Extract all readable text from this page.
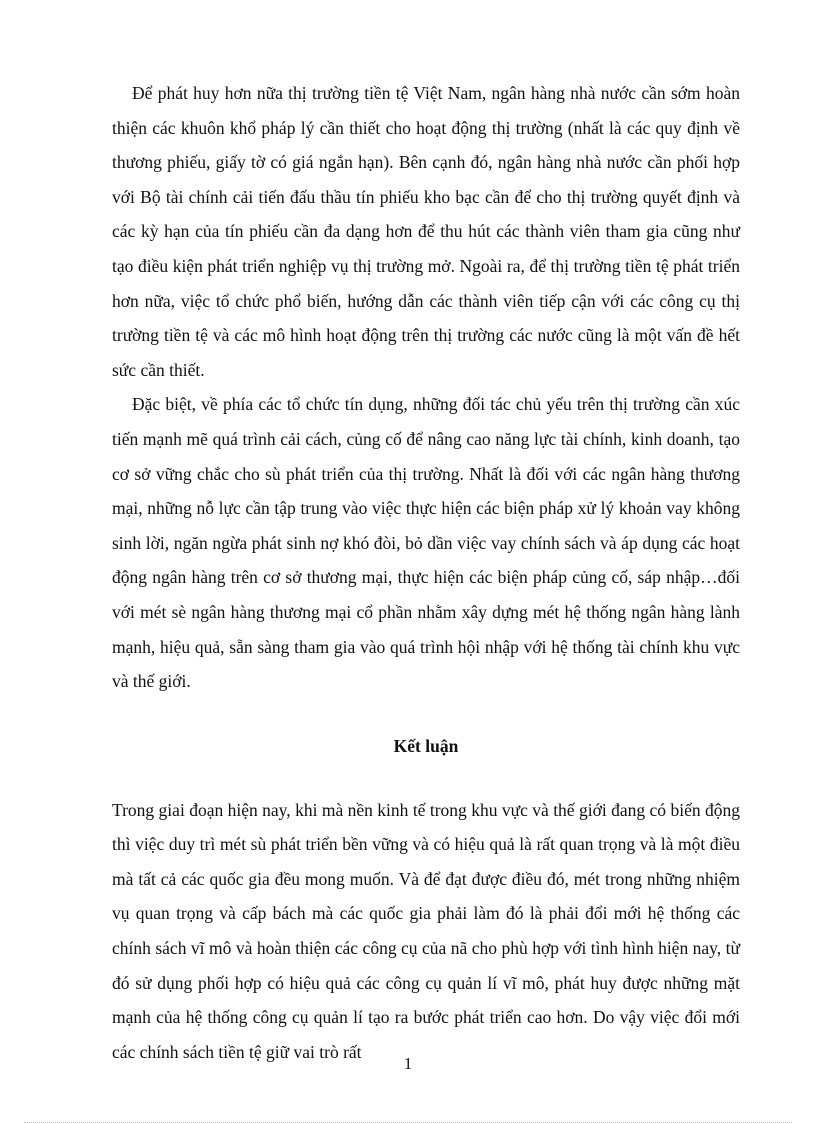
Để phát huy hơn nữa thị trường tiền tệ Việt Nam, ngân hàng nhà nước cần sớm hoàn thiện các khuôn khổ pháp lý cần thiết cho hoạt động thị trường (nhất là các quy định về thương phiếu, giấy tờ có giá ngắn hạn). Bên cạnh đó, ngân hàng nhà nước cần phối hợp với Bộ tài chính cải tiến đấu thầu tín phiếu kho bạc cần để cho thị trường quyết định và các kỳ hạn của tín phiếu cần đa dạng hơn để thu hút các thành viên tham gia cũng như tạo điều kiện phát triển nghiệp vụ thị trường mở. Ngoài ra, để thị trường tiền tệ phát triển hơn nữa, việc tổ chức phổ biến, hướng dẫn các thành viên tiếp cận với các công cụ thị trường tiền tệ và các mô hình hoạt động trên thị trường các nước cũng là một vấn đề hết sức cần thiết.

Đặc biệt, về phía các tổ chức tín dụng, những đối tác chủ yếu trên thị trường cần xúc tiến mạnh mẽ quá trình cải cách, củng cố để nâng cao năng lực tài chính, kinh doanh, tạo cơ sở vững chắc cho sù phát triển của thị trường. Nhất là đối với các ngân hàng thương mại, những nỗ lực cần tập trung vào việc thực hiện các biện pháp xử lý khoản vay không sinh lời, ngăn ngừa phát sinh nợ khó đòi, bỏ dần việc vay chính sách và áp dụng các hoạt động ngân hàng trên cơ sở thương mại, thực hiện các biện pháp củng cố, sáp nhập…đối với mét sè ngân hàng thương mại cổ phần nhằm xây dựng mét hệ thống ngân hàng lành mạnh, hiệu quả, sẵn sàng tham gia vào quá trình hội nhập với hệ thống tài chính khu vực và thế giới.

Kết luận

Trong giai đoạn hiện nay, khi mà nền kinh tế trong khu vực và thế giới đang có biến động thì việc duy trì mét sù phát triển bền vững và có hiệu quả là rất quan trọng và là một điều mà tất cả các quốc gia đều mong muốn. Và để đạt được điều đó, mét trong những nhiệm vụ quan trọng và cấp bách mà các quốc gia phải làm đó là phải đổi mới hệ thống các chính sách vĩ mô và hoàn thiện các công cụ của nã cho phù hợp với tình hình hiện nay, từ đó sử dụng phối hợp có hiệu quả các công cụ quản lí vĩ mô, phát huy được những mặt mạnh của hệ thống công cụ quản lí tạo ra bước phát triển cao hơn. Do vậy việc đổi mới các chính sách tiền tệ giữ vai trò rất

1
